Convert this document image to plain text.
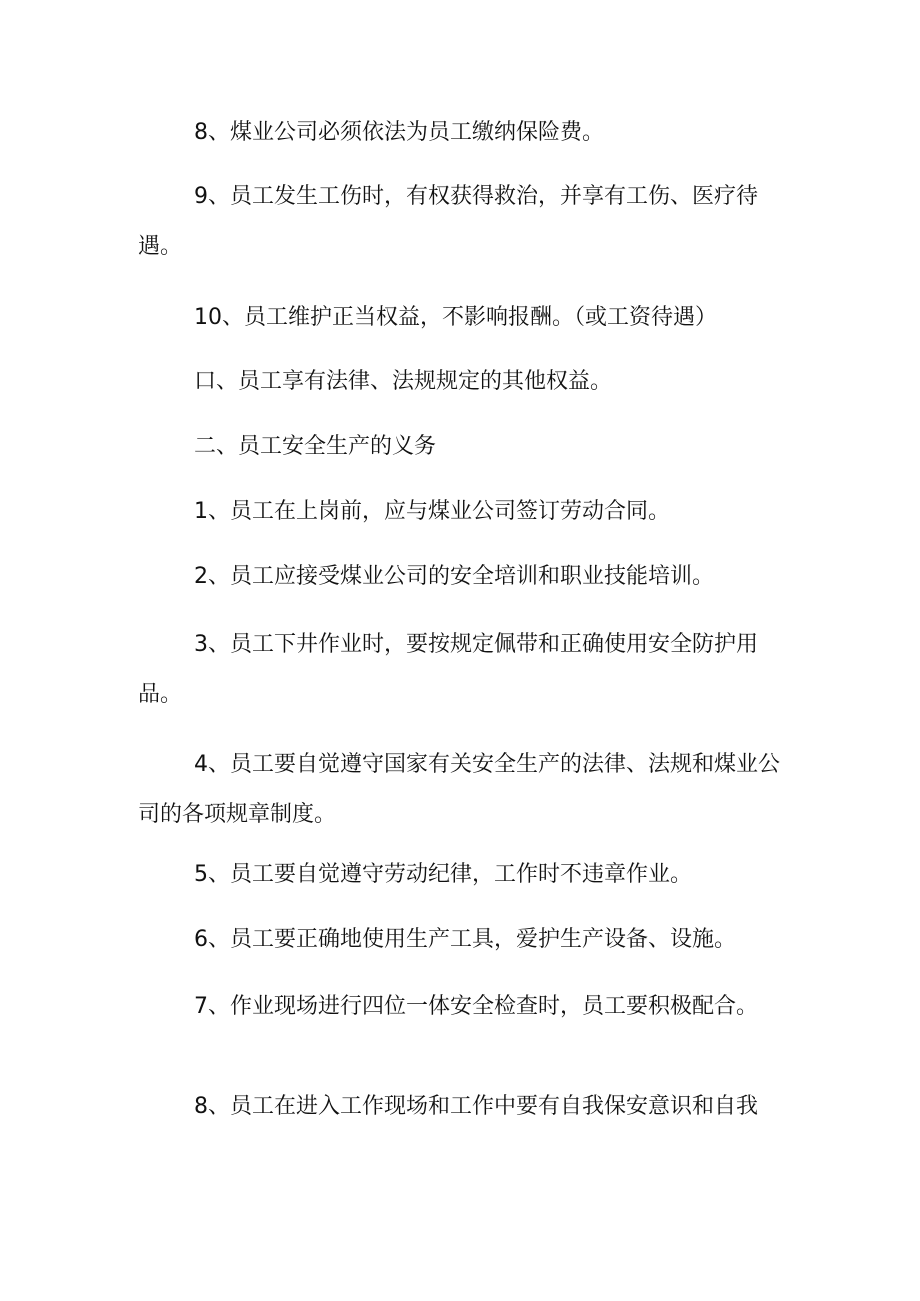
8、煤业公司必须依法为员工缴纳保险费。

9、员工发生工伤时，有权获得救治，并享有工伤、医疗待遇。

10、员工维护正当权益，不影响报酬。（或工资待遇）

口、员工享有法律、法规规定的其他权益。

二、员工安全生产的义务

1、员工在上岗前，应与煤业公司签订劳动合同。

2、员工应接受煤业公司的安全培训和职业技能培训。

3、员工下井作业时，要按规定佩带和正确使用安全防护用品。

4、员工要自觉遵守国家有关安全生产的法律、法规和煤业公司的各项规章制度。

5、员工要自觉遵守劳动纪律，工作时不违章作业。

6、员工要正确地使用生产工具，爱护生产设备、设施。

7、作业现场进行四位一体安全检查时，员工要积极配合。

8、员工在进入工作现场和工作中要有自我保安意识和自我
